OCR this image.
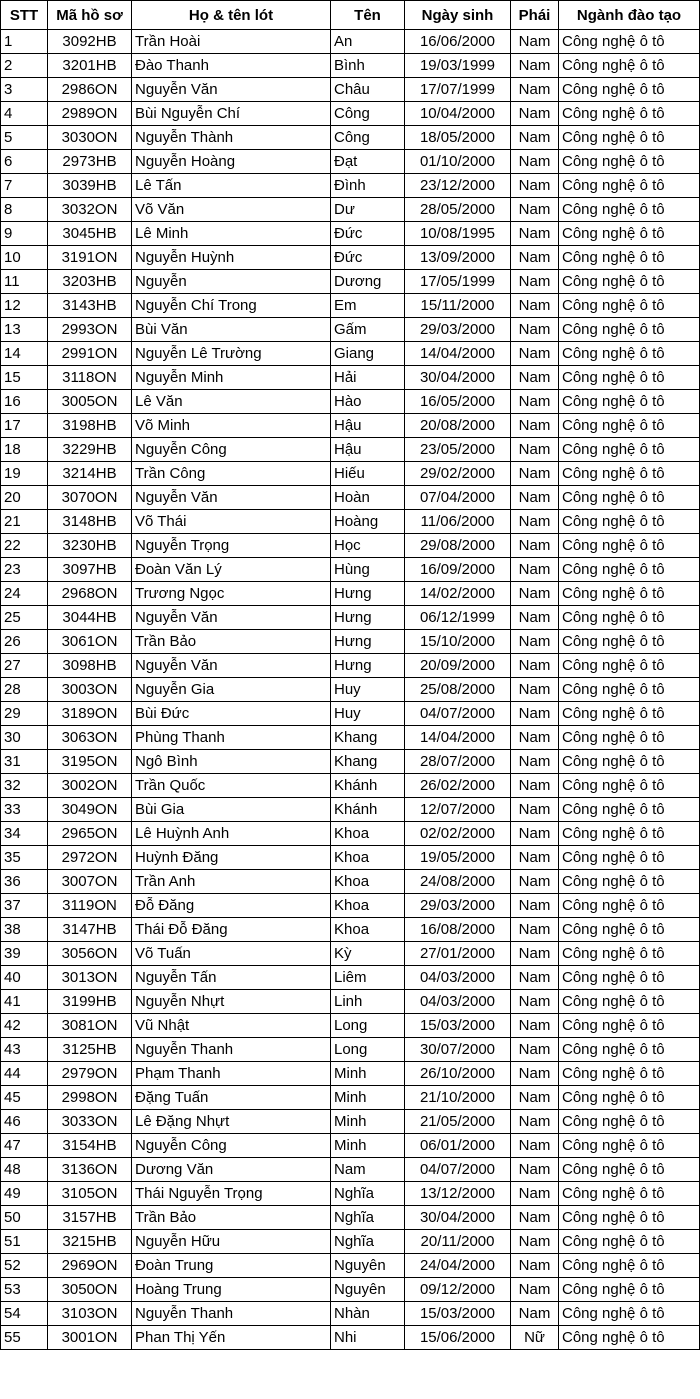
STT	Mã hồ sơ	Họ & tên lót	Tên	Ngày sinh	Phái	Ngành đào tạo
1	3092HB	Trần Hoài	An	16/06/2000	Nam	Công nghệ ô tô
2	3201HB	Đào Thanh	Bình	19/03/1999	Nam	Công nghệ ô tô
3	2986ON	Nguyễn Văn	Châu	17/07/1999	Nam	Công nghệ ô tô
4	2989ON	Bùi Nguyễn Chí	Công	10/04/2000	Nam	Công nghệ ô tô
5	3030ON	Nguyễn Thành	Công	18/05/2000	Nam	Công nghệ ô tô
6	2973HB	Nguyễn Hoàng	Đạt	01/10/2000	Nam	Công nghệ ô tô
7	3039HB	Lê Tấn	Đình	23/12/2000	Nam	Công nghệ ô tô
8	3032ON	Võ Văn	Dư	28/05/2000	Nam	Công nghệ ô tô
9	3045HB	Lê Minh	Đức	10/08/1995	Nam	Công nghệ ô tô
10	3191ON	Nguyễn Huỳnh	Đức	13/09/2000	Nam	Công nghệ ô tô
11	3203HB	Nguyễn	Dương	17/05/1999	Nam	Công nghệ ô tô
12	3143HB	Nguyễn Chí Trong	Em	15/11/2000	Nam	Công nghệ ô tô
13	2993ON	Bùi Văn	Gấm	29/03/2000	Nam	Công nghệ ô tô
14	2991ON	Nguyễn Lê Trường	Giang	14/04/2000	Nam	Công nghệ ô tô
15	3118ON	Nguyễn Minh	Hải	30/04/2000	Nam	Công nghệ ô tô
16	3005ON	Lê Văn	Hào	16/05/2000	Nam	Công nghệ ô tô
17	3198HB	Võ Minh	Hậu	20/08/2000	Nam	Công nghệ ô tô
18	3229HB	Nguyễn Công	Hậu	23/05/2000	Nam	Công nghệ ô tô
19	3214HB	Trần Công	Hiếu	29/02/2000	Nam	Công nghệ ô tô
20	3070ON	Nguyễn Văn	Hoàn	07/04/2000	Nam	Công nghệ ô tô
21	3148HB	Võ Thái	Hoàng	11/06/2000	Nam	Công nghệ ô tô
22	3230HB	Nguyễn Trọng	Học	29/08/2000	Nam	Công nghệ ô tô
23	3097HB	Đoàn Văn Lý	Hùng	16/09/2000	Nam	Công nghệ ô tô
24	2968ON	Trương Ngọc	Hưng	14/02/2000	Nam	Công nghệ ô tô
25	3044HB	Nguyễn Văn	Hưng	06/12/1999	Nam	Công nghệ ô tô
26	3061ON	Trần Bảo	Hưng	15/10/2000	Nam	Công nghệ ô tô
27	3098HB	Nguyễn Văn	Hưng	20/09/2000	Nam	Công nghệ ô tô
28	3003ON	Nguyễn Gia	Huy	25/08/2000	Nam	Công nghệ ô tô
29	3189ON	Bùi Đức	Huy	04/07/2000	Nam	Công nghệ ô tô
30	3063ON	Phùng Thanh	Khang	14/04/2000	Nam	Công nghệ ô tô
31	3195ON	Ngô Bình	Khang	28/07/2000	Nam	Công nghệ ô tô
32	3002ON	Trần Quốc	Khánh	26/02/2000	Nam	Công nghệ ô tô
33	3049ON	Bùi Gia	Khánh	12/07/2000	Nam	Công nghệ ô tô
34	2965ON	Lê Huỳnh Anh	Khoa	02/02/2000	Nam	Công nghệ ô tô
35	2972ON	Huỳnh Đăng	Khoa	19/05/2000	Nam	Công nghệ ô tô
36	3007ON	Trần Anh	Khoa	24/08/2000	Nam	Công nghệ ô tô
37	3119ON	Đỗ Đăng	Khoa	29/03/2000	Nam	Công nghệ ô tô
38	3147HB	Thái Đỗ Đăng	Khoa	16/08/2000	Nam	Công nghệ ô tô
39	3056ON	Võ Tuấn	Kỳ	27/01/2000	Nam	Công nghệ ô tô
40	3013ON	Nguyễn Tấn	Liêm	04/03/2000	Nam	Công nghệ ô tô
41	3199HB	Nguyễn Nhựt	Linh	04/03/2000	Nam	Công nghệ ô tô
42	3081ON	Vũ Nhật	Long	15/03/2000	Nam	Công nghệ ô tô
43	3125HB	Nguyễn Thanh	Long	30/07/2000	Nam	Công nghệ ô tô
44	2979ON	Phạm Thanh	Minh	26/10/2000	Nam	Công nghệ ô tô
45	2998ON	Đặng Tuấn	Minh	21/10/2000	Nam	Công nghệ ô tô
46	3033ON	Lê Đặng Nhựt	Minh	21/05/2000	Nam	Công nghệ ô tô
47	3154HB	Nguyễn Công	Minh	06/01/2000	Nam	Công nghệ ô tô
48	3136ON	Dương Văn	Nam	04/07/2000	Nam	Công nghệ ô tô
49	3105ON	Thái Nguyễn Trọng	Nghĩa	13/12/2000	Nam	Công nghệ ô tô
50	3157HB	Trần Bảo	Nghĩa	30/04/2000	Nam	Công nghệ ô tô
51	3215HB	Nguyễn Hữu	Nghĩa	20/11/2000	Nam	Công nghệ ô tô
52	2969ON	Đoàn Trung	Nguyên	24/04/2000	Nam	Công nghệ ô tô
53	3050ON	Hoàng Trung	Nguyên	09/12/2000	Nam	Công nghệ ô tô
54	3103ON	Nguyễn Thanh	Nhàn	15/03/2000	Nam	Công nghệ ô tô
55	3001ON	Phan Thị Yến	Nhi	15/06/2000	Nữ	Công nghệ ô tô
